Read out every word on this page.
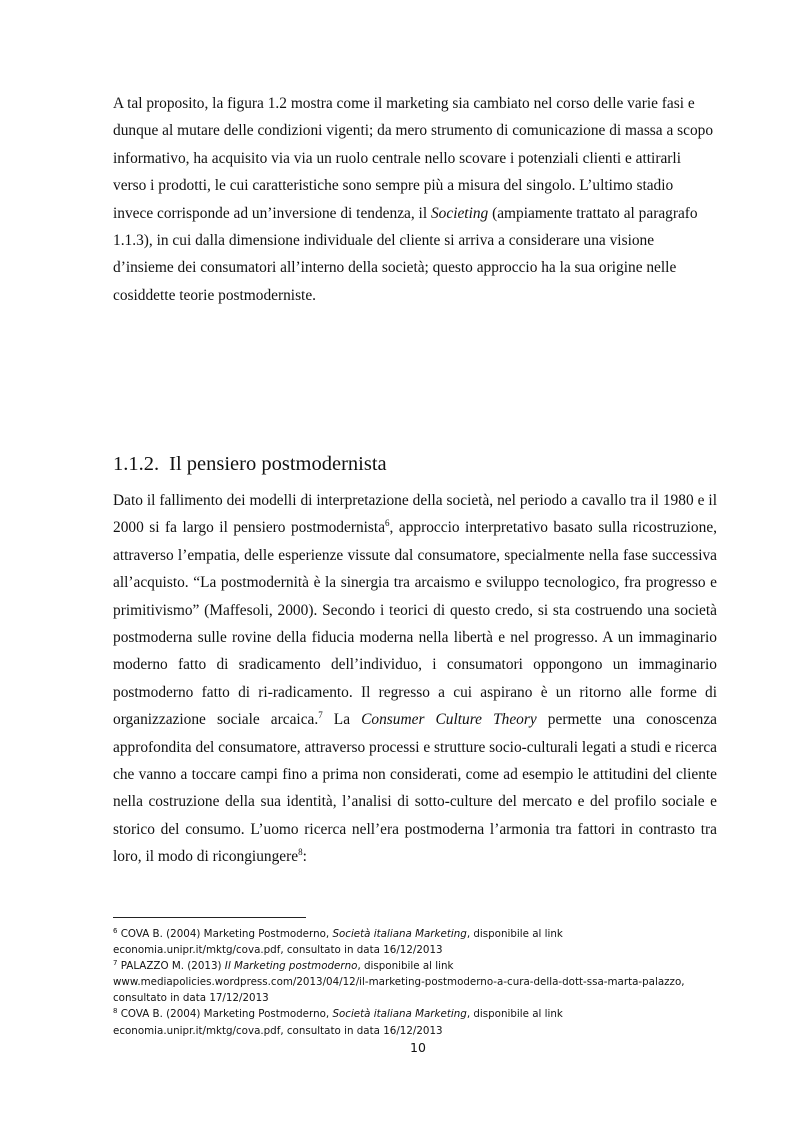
A tal proposito, la figura 1.2 mostra come il marketing sia cambiato nel corso delle varie fasi e dunque al mutare delle condizioni vigenti; da mero strumento di comunicazione di massa a scopo informativo, ha acquisito via via un ruolo centrale nello scovare i potenziali clienti e attirarli verso i prodotti, le cui caratteristiche sono sempre più a misura del singolo. L’ultimo stadio invece corrisponde ad un’inversione di tendenza, il Societing (ampiamente trattato al paragrafo 1.1.3), in cui dalla dimensione individuale del cliente si arriva a considerare una visione d’insieme dei consumatori all’interno della società; questo approccio ha la sua origine nelle cosiddette teorie postmoderniste.

1.1.2. Il pensiero postmodernista

Dato il fallimento dei modelli di interpretazione della società, nel periodo a cavallo tra il 1980 e il 2000 si fa largo il pensiero postmodernista$^6$, approccio interpretativo basato sulla ricostruzione, attraverso l’empatia, delle esperienze vissute dal consumatore, specialmente nella fase successiva all’acquisto. “La postmodernità è la sinergia tra arcaismo e sviluppo tecnologico, fra progresso e primitivismo” (Maffesoli, 2000). Secondo i teorici di questo credo, si sta costruendo una società postmoderna sulle rovine della fiducia moderna nella libertà e nel progresso. A un immaginario moderno fatto di sradicamento dell’individuo, i consumatori oppongono un immaginario postmoderno fatto di ri-radicamento. Il regresso a cui aspirano è un ritorno alle forme di organizzazione sociale arcaica.$^7$ La Consumer Culture Theory permette una conoscenza approfondita del consumatore, attraverso processi e strutture socio-culturali legati a studi e ricerca che vanno a toccare campi fino a prima non considerati, come ad esempio le attitudini del cliente nella costruzione della sua identità, l’analisi di sotto-culture del mercato e del profilo sociale e storico del consumo. L’uomo ricerca nell’era postmoderna l’armonia tra fattori in contrasto tra loro, il modo di ricongiungere$^8$:

$^6$ COVA B. (2004) Marketing Postmoderno, Società italiana Marketing, disponibile al link
economia.unipr.it/mktg/cova.pdf, consultato in data 16/12/2013

$^7$ PALAZZO M. (2013) Il Marketing postmoderno, disponibile al link
www.mediapolicies.wordpress.com/2013/04/12/il-marketing-postmoderno-a-cura-della-dott-ssa-marta-palazzo, consultato in data 17/12/2013

$^8$ COVA B. (2004) Marketing Postmoderno, Società italiana Marketing, disponibile al link
economia.unipr.it/mktg/cova.pdf, consultato in data 16/12/2013

10
